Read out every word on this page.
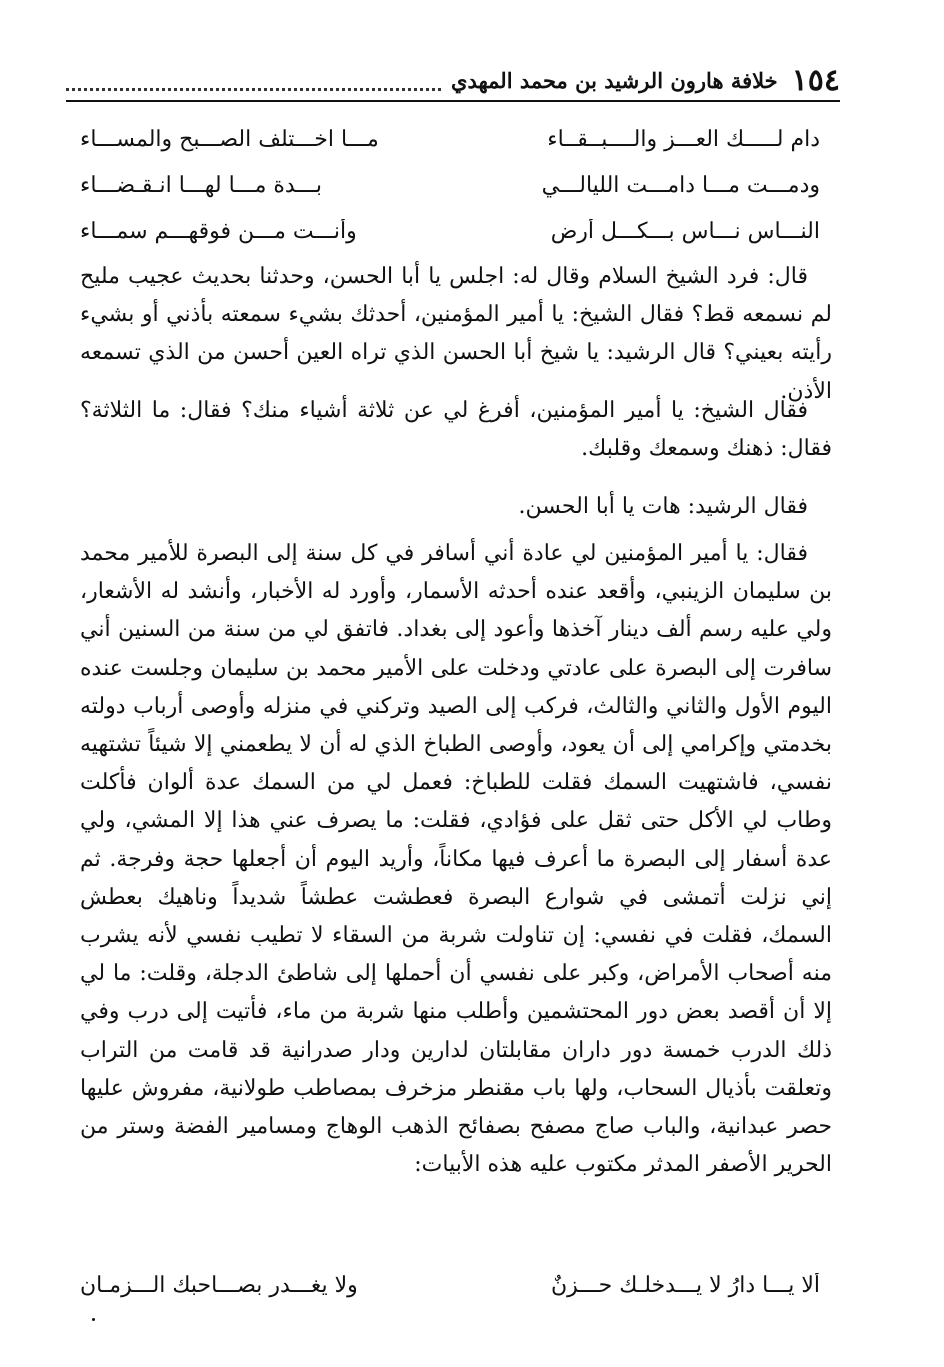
١٥٤
خلافة هارون الرشيد بن محمد المهدي
دام لـــــك العـــز والــــبــقــاء
مـــا اخـــتلف الصـــبح والمســـاء
ودمـــت مـــا دامـــت الليالـــي
بـــدة مـــا لهـــا انـقـضـــاء
النـــاس نـــاس بـــكـــل أرض
وأنـــت مـــن فوقهـــم سمـــاء

قال: فرد الشيخ السلام وقال له: اجلس يا أبا الحسن، وحدثنا بحديث عجيب مليح لم نسمعه قط؟ فقال الشيخ: يا أمير المؤمنين، أحدثك بشيء سمعته بأذني أو بشيء رأيته بعيني؟ قال الرشيد: يا شيخ أبا الحسن الذي تراه العين أحسن من الذي تسمعه الأذن.

فقال الشيخ: يا أمير المؤمنين، أفرغ لي عن ثلاثة أشياء منك؟ فقال: ما الثلاثة؟ فقال: ذهنك وسمعك وقلبك.

فقال الرشيد: هات يا أبا الحسن.

فقال: يا أمير المؤمنين لي عادة أني أسافر في كل سنة إلى البصرة للأمير محمد بن سليمان الزينبي، وأقعد عنده أحدثه الأسمار، وأورد له الأخبار، وأنشد له الأشعار، ولي عليه رسم ألف دينار آخذها وأعود إلى بغداد. فاتفق لي من سنة من السنين أني سافرت إلى البصرة على عادتي ودخلت على الأمير محمد بن سليمان وجلست عنده اليوم الأول والثاني والثالث، فركب إلى الصيد وتركني في منزله وأوصى أرباب دولته بخدمتي وإكرامي إلى أن يعود، وأوصى الطباخ الذي له أن لا يطعمني إلا شيئاً تشتهيه نفسي، فاشتهيت السمك فقلت للطباخ: فعمل لي من السمك عدة ألوان فأكلت وطاب لي الأكل حتى ثقل على فؤادي، فقلت: ما يصرف عني هذا إلا المشي، ولي عدة أسفار إلى البصرة ما أعرف فيها مكاناً، وأريد اليوم أن أجعلها حجة وفرجة. ثم إني نزلت أتمشى في شوارع البصرة فعطشت عطشاً شديداً وناهيك بعطش السمك، فقلت في نفسي: إن تناولت شربة من السقاء لا تطيب نفسي لأنه يشرب منه أصحاب الأمراض، وكبر على نفسي أن أحملها إلى شاطئ الدجلة، وقلت: ما لي إلا أن أقصد بعض دور المحتشمين وأطلب منها شربة من ماء، فأتيت إلى درب وفي ذلك الدرب خمسة دور داران مقابلتان لدارين ودار صدرانية قد قامت من التراب وتعلقت بأذيال السحاب، ولها باب مقنطر مزخرف بمصاطب طولانية، مفروش عليها حصر عبدانية، والباب صاج مصفح بصفائح الذهب الوهاج ومسامير الفضة وستر من الحرير الأصفر المدثر مكتوب عليه هذه الأبيات:

ألا يـــا دارُ لا يـــدخلـك حـــزنٌ
ولا يغـــدر بصـــاحبك الـــزمـان
